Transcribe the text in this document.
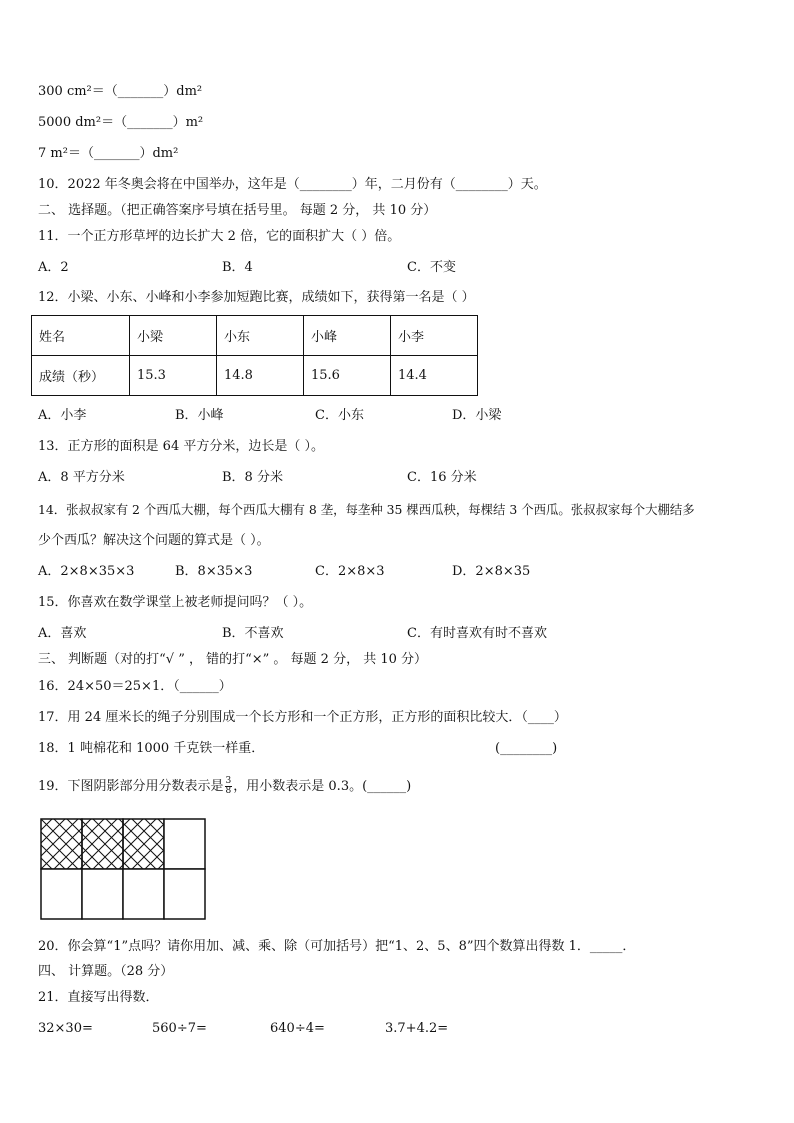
300 cm²＝（_______）dm²
5000 dm²＝（_______）m²
7 m²＝（_______）dm²
10．2022 年冬奥会将在中国举办，这年是（________）年，二月份有（________）天。
二、 选择题。（把正确答案序号填在括号里。 每题 2 分， 共 10 分）
11．一个正方形草坪的边长扩大 2 倍，它的面积扩大（ ）倍。
A．2	B．4	C．不变
12．小梁、小东、小峰和小李参加短跑比赛，成绩如下，获得第一名是（ ）
姓名	小梁	小东	小峰	小李
成绩（秒）	15.3	14.8	15.6	14.4
A．小李	B．小峰	C．小东	D．小梁
13．正方形的面积是 64 平方分米，边长是（ ）。
A．8 平方分米	B．8 分米	C．16 分米
14．张叔叔家有 2 个西瓜大棚，每个西瓜大棚有 8 垄，每垄种 35 棵西瓜秧，每棵结 3 个西瓜。张叔叔家每个大棚结多
少个西瓜？解决这个问题的算式是（ ）。
A．2×8×35×3	B．8×35×3	C．2×8×3	D．2×8×35
15．你喜欢在数学课堂上被老师提问吗？（ ）。
A．喜欢	B．不喜欢	C．有时喜欢有时不喜欢
三、 判断题（对的打“√ ” ， 错的打“×” 。 每题 2 分， 共 10 分）
16．24×50＝25×1．（______）
17．用 24 厘米长的绳子分别围成一个长方形和一个正方形，正方形的面积比较大．（____）
18．1 吨棉花和 1000 千克铁一样重．	(________)
19．下图阴影部分用分数表示是 $\frac{3}{8}$ ，用小数表示是 0.3。(______)
20．你会算“1”点吗？请你用加、减、乘、除（可加括号）把“1、2、5、8”四个数算出得数 1．_____．
四、 计算题。（28 分）
21．直接写出得数．
32×30=	560÷7=	640÷4=	3.7+4.2=
